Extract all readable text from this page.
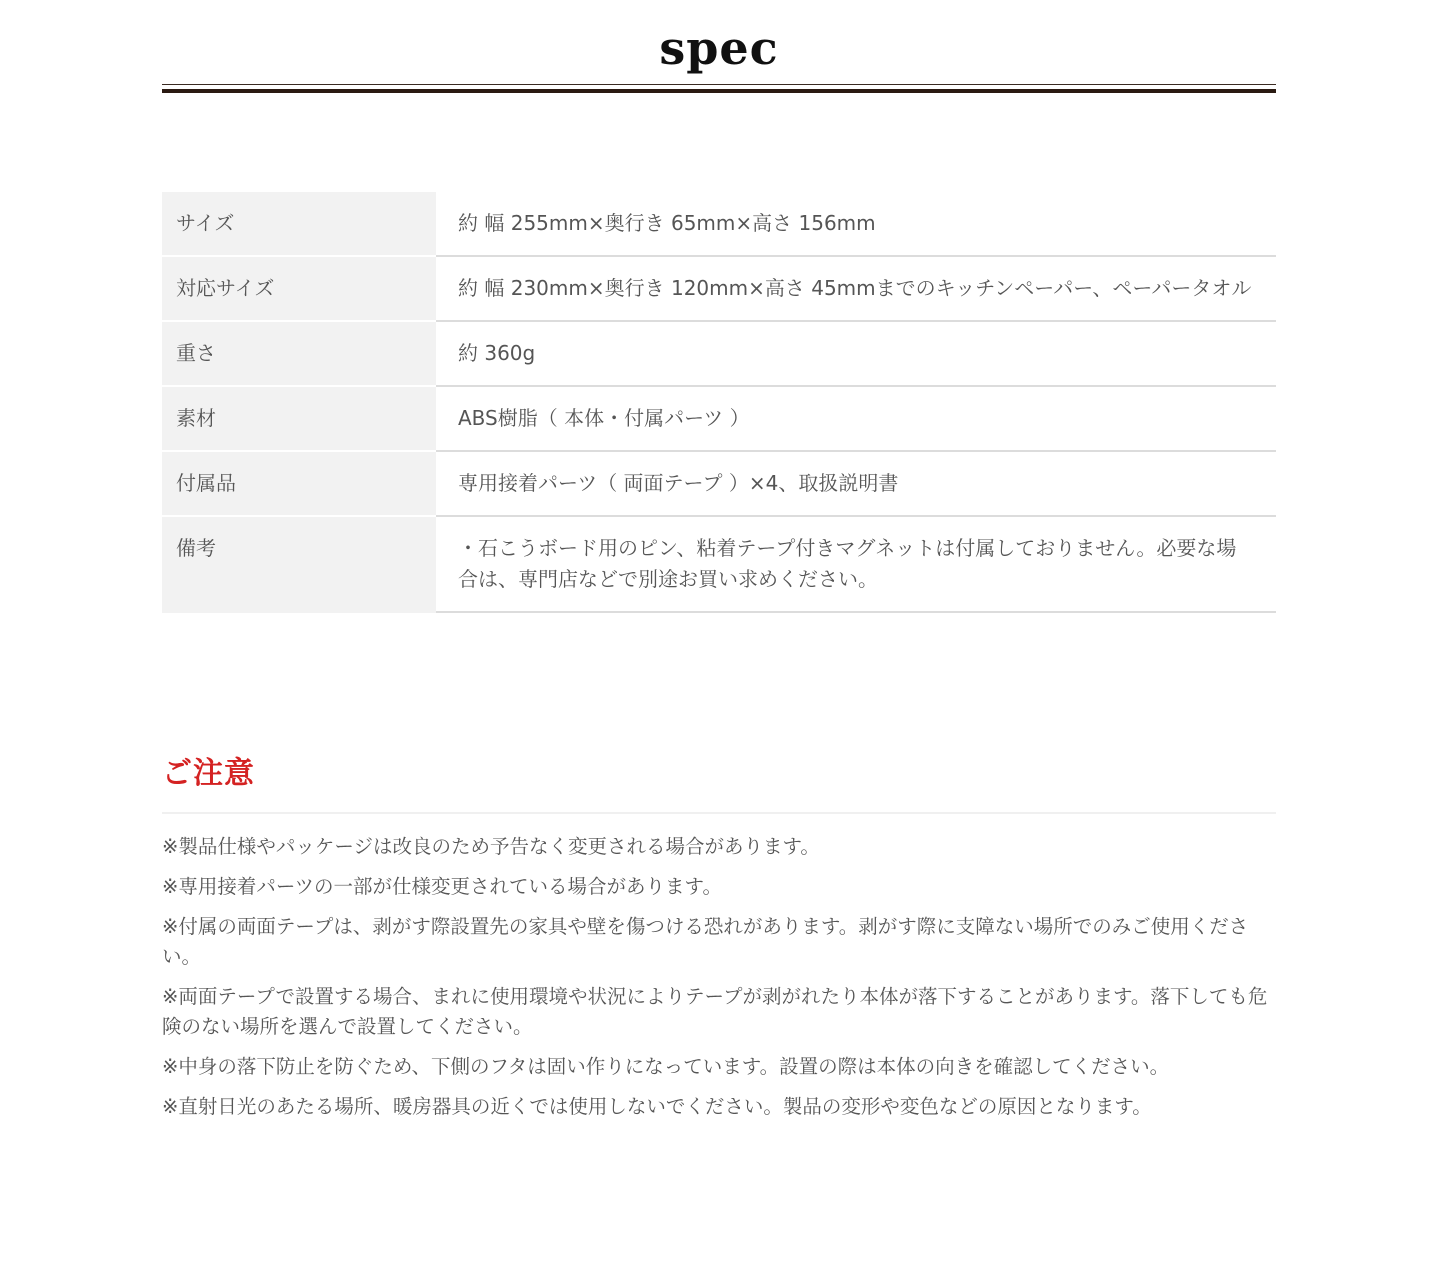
spec
サイズ	約 幅 255mm×奥行き 65mm×高さ 156mm
対応サイズ	約 幅 230mm×奥行き 120mm×高さ 45mmまでのキッチンペーパー、ペーパータオル
重さ	約 360g
素材	ABS樹脂（ 本体・付属パーツ ）
付属品	専用接着パーツ（ 両面テープ ）×4、取扱説明書
備考	・石こうボード用のピン、粘着テープ付きマグネットは付属しておりません。必要な場合は、専門店などで別途お買い求めください。
ご注意
※製品仕様やパッケージは改良のため予告なく変更される場合があります。
※専用接着パーツの一部が仕様変更されている場合があります。
※付属の両面テープは、剥がす際設置先の家具や壁を傷つける恐れがあります。剥がす際に支障ない場所でのみご使用ください。
※両面テープで設置する場合、まれに使用環境や状況によりテープが剥がれたり本体が落下することがあります。落下しても危険のない場所を選んで設置してください。
※中身の落下防止を防ぐため、下側のフタは固い作りになっています。設置の際は本体の向きを確認してください。
※直射日光のあたる場所、暖房器具の近くでは使用しないでください。製品の変形や変色などの原因となります。
